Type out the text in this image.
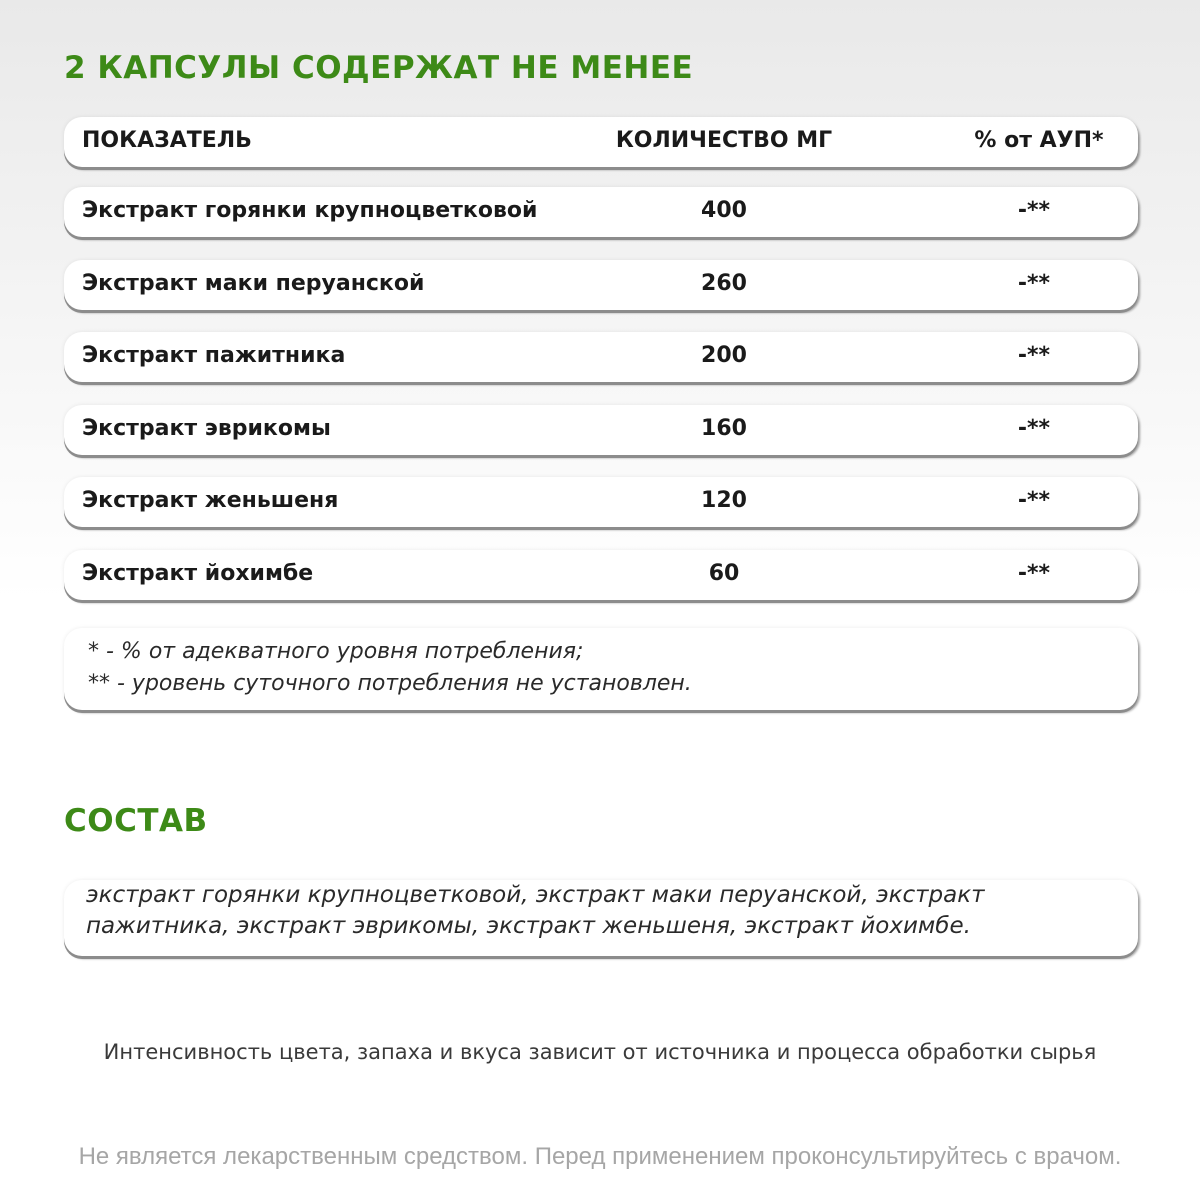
2 КАПСУЛЫ СОДЕРЖАТ НЕ МЕНЕЕ
ПОКАЗАТЕЛЬ	КОЛИЧЕСТВО МГ	% от АУП*
Экстракт горянки крупноцветковой	400	-**
Экстракт маки перуанской	260	-**
Экстракт пажитника	200	-**
Экстракт эврикомы	160	-**
Экстракт женьшеня	120	-**
Экстракт йохимбе	60	-**
* - % от адекватного уровня потребления;
** - уровень суточного потребления не установлен.
СОСТАВ
экстракт горянки крупноцветковой, экстракт маки перуанской, экстракт
пажитника, экстракт эврикомы, экстракт женьшеня, экстракт йохимбе.

Интенсивность цвета, запаха и вкуса зависит от источника и процесса обработки сырья

Не является лекарственным средством. Перед применением проконсультируйтесь с врачом.
